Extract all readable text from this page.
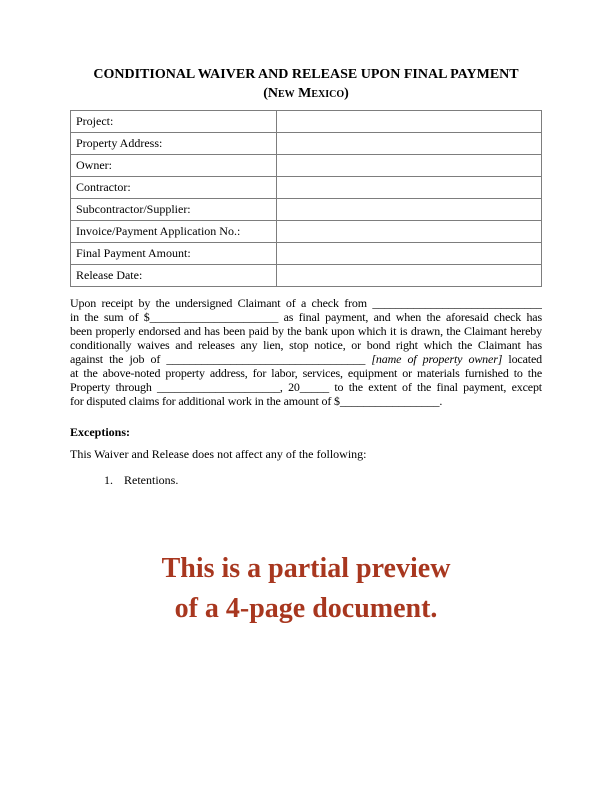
CONDITIONAL WAIVER AND RELEASE UPON FINAL PAYMENT
(New Mexico)
Project:	
Property Address:	
Owner:	
Contractor:	
Subcontractor/Supplier:	
Invoice/Payment Application No.:	
Final Payment Amount:	
Release Date:	
Upon receipt by the undersigned Claimant of a check from _____________________________
in the sum of $______________________ as final payment, and when the aforesaid check has
been properly endorsed and has been paid by the bank upon which it is drawn, the Claimant hereby
conditionally waives and releases any lien, stop notice, or bond right which the Claimant has
against the job of __________________________________ [name of property owner] located
at the above-noted property address, for labor, services, equipment or materials furnished to the
Property through _____________________, 20_____ to the extent of the final payment, except
for disputed claims for additional work in the amount of $_________________.
Exceptions:
This Waiver and Release does not affect any of the following:
1. Retentions.
This is a partial preview
of a 4-page document.
